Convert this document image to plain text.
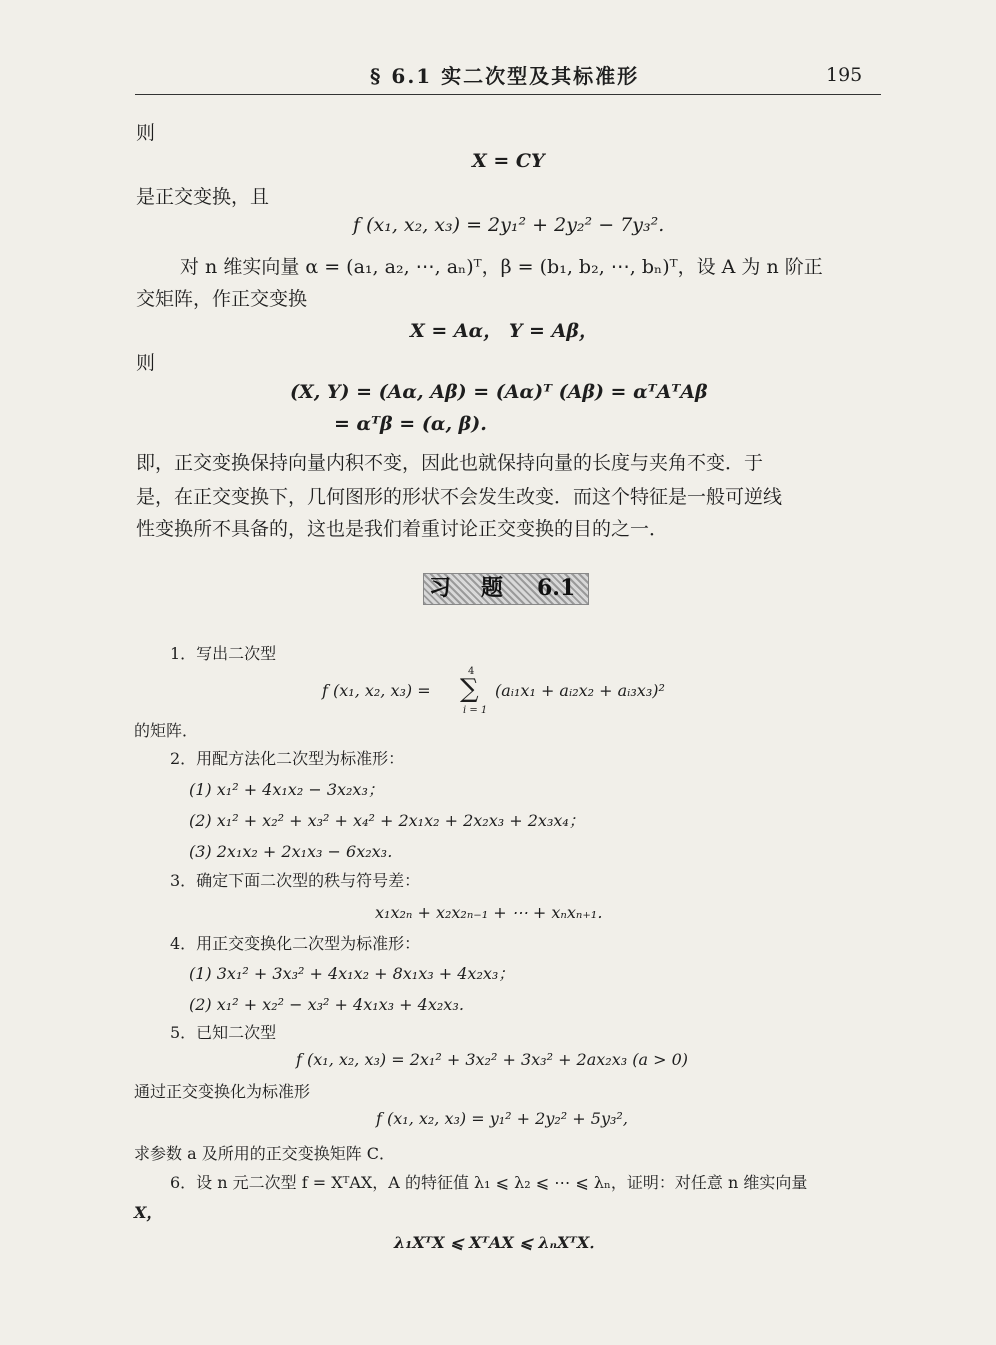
§ 6.1 实二次型及其标准形	195
则
X = CY
是正交变换，且
f (x₁, x₂, x₃) = 2y₁² + 2y₂² − 7y₃².
对 n 维实向量 α = (a₁, a₂, ⋯, aₙ)ᵀ，β = (b₁, b₂, ⋯, bₙ)ᵀ，设 A 为 n 阶正
交矩阵，作正交变换
X = Aα， Y = Aβ，
则
(X, Y) = (Aα, Aβ) = (Aα)ᵀ (Aβ) = αᵀAᵀAβ
= αᵀβ = (α, β).
即，正交变换保持向量内积不变，因此也就保持向量的长度与夹角不变．于
是，在正交变换下，几何图形的形状不会发生改变．而这个特征是一般可逆线
性变换所不具备的，这也是我们着重讨论正交变换的目的之一．
习 题 6.1
1．写出二次型
f (x₁, x₂, x₃) =
4
∑
i = 1
(aᵢ₁x₁ + aᵢ₂x₂ + aᵢ₃x₃)²
的矩阵．
2．用配方法化二次型为标准形：
(1) x₁² + 4x₁x₂ − 3x₂x₃；
(2) x₁² + x₂² + x₃² + x₄² + 2x₁x₂ + 2x₂x₃ + 2x₃x₄；
(3) 2x₁x₂ + 2x₁x₃ − 6x₂x₃．
3．确定下面二次型的秩与符号差：
x₁x₂ₙ + x₂x₂ₙ₋₁ + ⋯ + xₙxₙ₊₁．
4．用正交变换化二次型为标准形：
(1) 3x₁² + 3x₃² + 4x₁x₂ + 8x₁x₃ + 4x₂x₃；
(2) x₁² + x₂² − x₃² + 4x₁x₃ + 4x₂x₃．
5．已知二次型
f (x₁, x₂, x₃) = 2x₁² + 3x₂² + 3x₃² + 2ax₂x₃ (a > 0)
通过正交变换化为标准形
f (x₁, x₂, x₃) = y₁² + 2y₂² + 5y₃²,
求参数 a 及所用的正交变换矩阵 C．
6．设 n 元二次型 f = XᵀAX，A 的特征值 λ₁ ⩽ λ₂ ⩽ ⋯ ⩽ λₙ，证明：对任意 n 维实向量
X，
λ₁XᵀX ⩽ XᵀAX ⩽ λₙXᵀX．
